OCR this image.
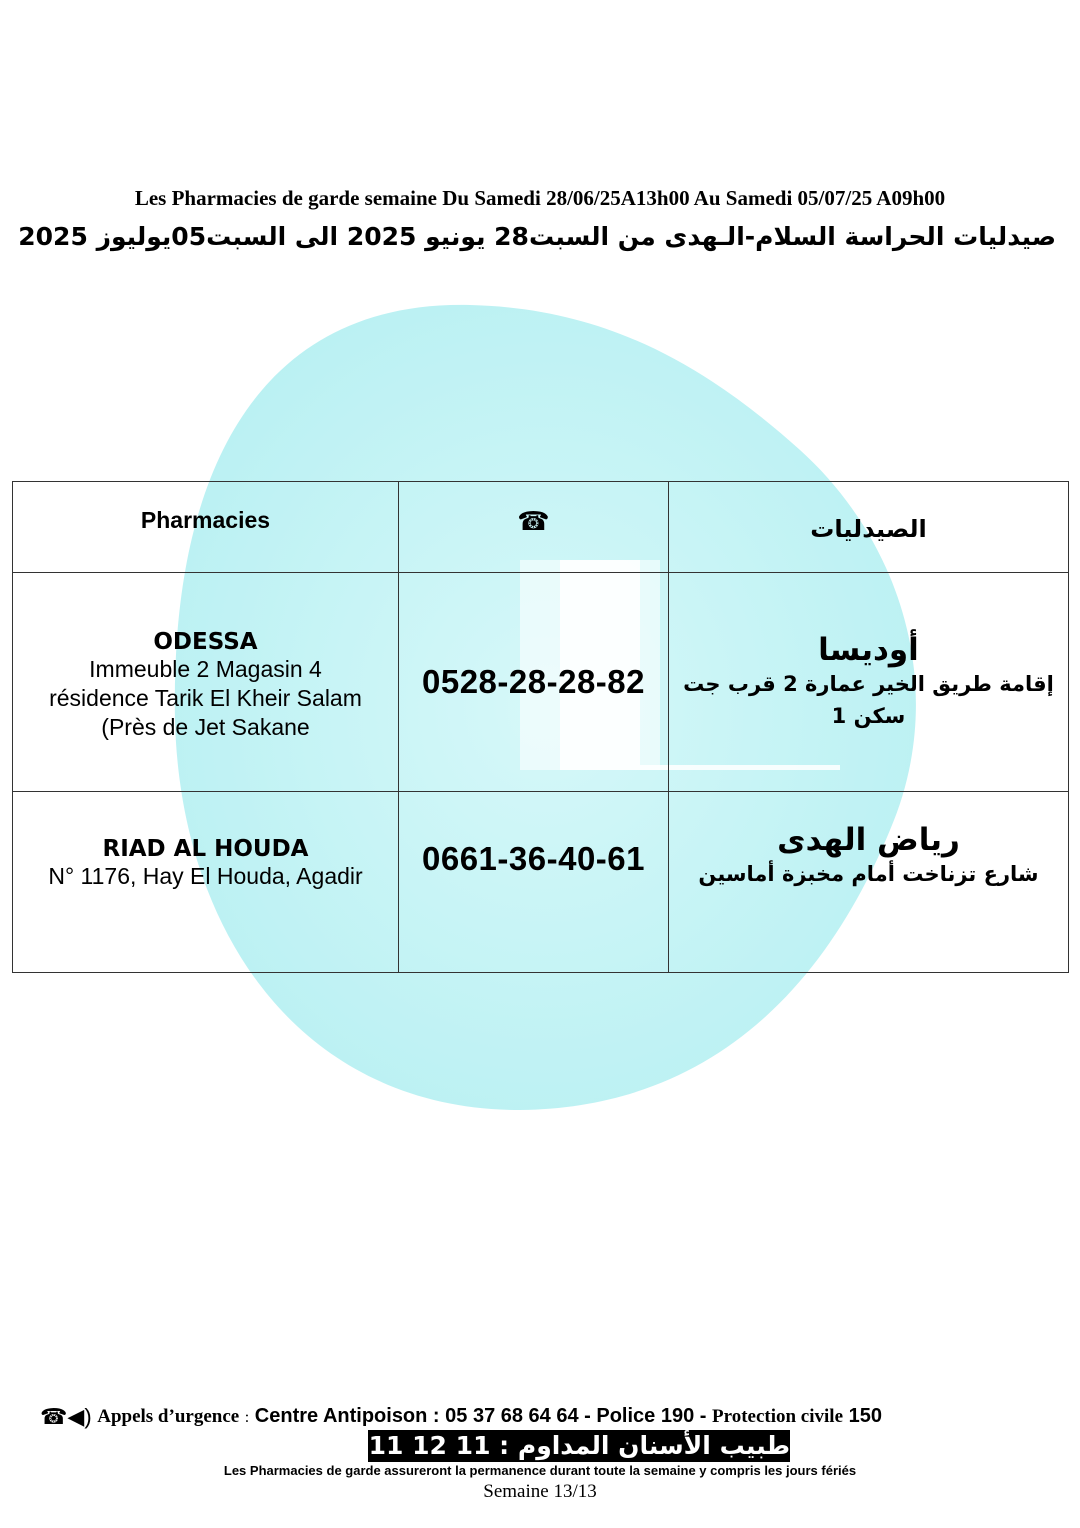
Les Pharmacies de garde semaine Du Samedi 28/06/25A13h00 Au Samedi 05/07/25 A09h00
صيدليات الحراسة السلام-الـهدى من السبت28 يونيو 2025 الى السبت05يوليوز 2025
Pharmacies	☎	الصيدليات

ODESSA
Immeuble 2 Magasin 4
résidence Tarik El Kheir Salam
(Près de Jet Sakane	0528-28-28-82	أوديسا
إقامة طريق الخير عمارة 2 قرب جت سكن 1

RIAD AL HOUDA
N° 1176, Hay El Houda, Agadir	0661-36-40-61	رياض الهدى
شارع تزناخت أمام مخبزة أماسين
☎◀) Appels d’urgence : Centre Antipoison : 05 37 68 64 64 - Police 190 - Protection civile 150
طبيب الأسنان المداوم : 11 12 11 08 06
Les Pharmacies de garde assureront la permanence durant toute la semaine y compris les jours fériés
Semaine 13/13
